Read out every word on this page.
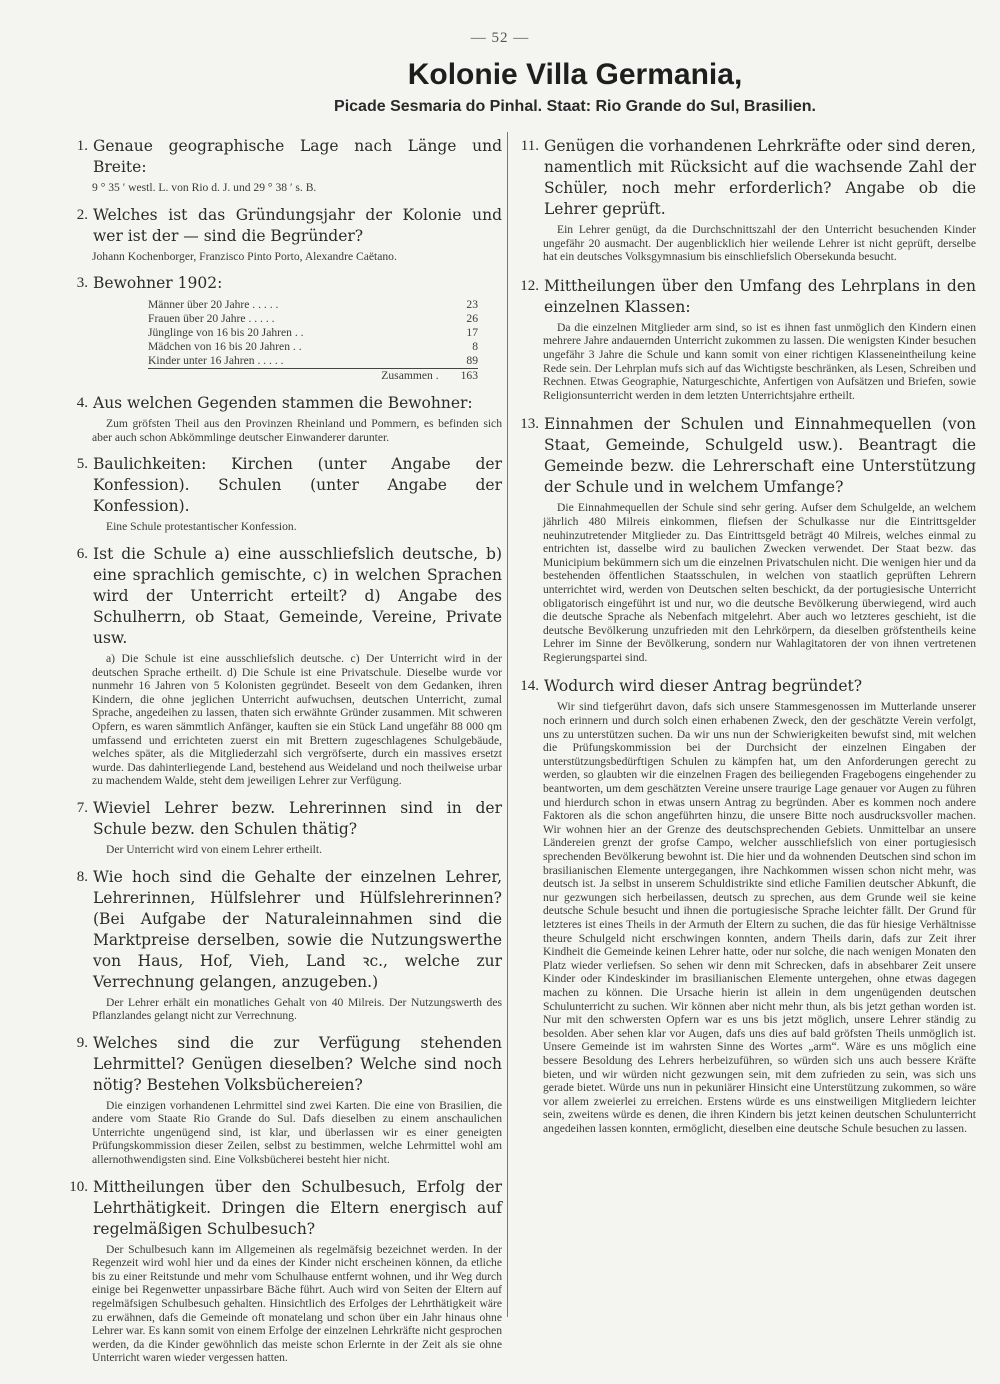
— 52 —
Kolonie Villa Germania,
Picade Sesmaria do Pinhal. Staat: Rio Grande do Sul, Brasilien.
1. Genaue geographische Lage nach Länge und Breite:
9 ° 35 ′ westl. L. von Rio d. J. und 29 ° 38 ′ s. B.
2. Welches ist das Gründungsjahr der Kolonie und wer ist der — sind die Begründer?
Johann Kochenborger, Franzisco Pinto Porto, Alexandre Caëtano.
3. Bewohner 1902:
Männer über 20 Jahre . . . . .	23
Frauen über 20 Jahre . . . . .	26
Jünglinge von 16 bis 20 Jahren . .	17
Mädchen von 16 bis 20 Jahren . .	8
Kinder unter 16 Jahren . . . . .	89
Zusammen . 163
4. Aus welchen Gegenden stammen die Bewohner:
Zum gröfsten Theil aus den Provinzen Rheinland und Pommern, es befinden sich aber auch schon Abkömmlinge deutscher Einwanderer darunter.
5. Baulichkeiten: Kirchen (unter Angabe der Konfession). Schulen (unter Angabe der Konfession).
Eine Schule protestantischer Konfession.
6. Ist die Schule a) eine ausschliefslich deutsche, b) eine sprachlich gemischte, c) in welchen Sprachen wird der Unterricht erteilt? d) Angabe des Schulherrn, ob Staat, Gemeinde, Vereine, Private usw.
a) Die Schule ist eine ausschliefslich deutsche. c) Der Unterricht wird in der deutschen Sprache ertheilt. d) Die Schule ist eine Privatschule. Dieselbe wurde vor nunmehr 16 Jahren von 5 Kolonisten gegründet. Beseelt von dem Gedanken, ihren Kindern, die ohne jeglichen Unterricht aufwuchsen, deutschen Unterricht, zumal Sprache, angedeihen zu lassen, thaten sich erwähnte Gründer zusammen. Mit schweren Opfern, es waren sämmtlich Anfänger, kauften sie ein Stück Land ungefähr 88 000 qm umfassend und errichteten zuerst ein mit Brettern zugeschlagenes Schulgebäude, welches später, als die Mitgliederzahl sich vergröfserte, durch ein massives ersetzt wurde. Das dahinterliegende Land, bestehend aus Weideland und noch theilweise urbar zu machendem Walde, steht dem jeweiligen Lehrer zur Verfügung.
7. Wieviel Lehrer bezw. Lehrerinnen sind in der Schule bezw. den Schulen thätig?
Der Unterricht wird von einem Lehrer ertheilt.
8. Wie hoch sind die Gehalte der einzelnen Lehrer, Lehrerinnen, Hülfslehrer und Hülfslehrerinnen? (Bei Aufgabe der Naturaleinnahmen sind die Marktpreise derselben, sowie die Nutzungswerthe von Haus, Hof, Vieh, Land ꝛc., welche zur Verrechnung gelangen, anzugeben.)
Der Lehrer erhält ein monatliches Gehalt von 40 Milreis. Der Nutzungswerth des Pflanzlandes gelangt nicht zur Verrechnung.
9. Welches sind die zur Verfügung stehenden Lehrmittel? Genügen dieselben? Welche sind noch nötig? Bestehen Volksbüchereien?
Die einzigen vorhandenen Lehrmittel sind zwei Karten. Die eine von Brasilien, die andere vom Staate Rio Grande do Sul. Dafs dieselben zu einem anschaulichen Unterrichte ungenügend sind, ist klar, und überlassen wir es einer geneigten Prüfungskommission dieser Zeilen, selbst zu bestimmen, welche Lehrmittel wohl am allernothwendigsten sind. Eine Volksbücherei besteht hier nicht.
10. Mittheilungen über den Schulbesuch, Erfolg der Lehrthätigkeit. Dringen die Eltern energisch auf regelmäßigen Schulbesuch?
Der Schulbesuch kann im Allgemeinen als regelmäfsig bezeichnet werden. In der Regenzeit wird wohl hier und da eines der Kinder nicht erscheinen können, da etliche bis zu einer Reitstunde und mehr vom Schulhause entfernt wohnen, und ihr Weg durch einige bei Regenwetter unpassirbare Bäche führt. Auch wird von Seiten der Eltern auf regelmäfsigen Schulbesuch gehalten. Hinsichtlich des Erfolges der Lehrthätigkeit wäre zu erwähnen, dafs die Gemeinde oft monatelang und schon über ein Jahr hinaus ohne Lehrer war. Es kann somit von einem Erfolge der einzelnen Lehrkräfte nicht gesprochen werden, da die Kinder gewöhnlich das meiste schon Erlernte in der Zeit als sie ohne Unterricht waren wieder vergessen hatten.
11. Genügen die vorhandenen Lehrkräfte oder sind deren, namentlich mit Rücksicht auf die wachsende Zahl der Schüler, noch mehr erforderlich? Angabe ob die Lehrer geprüft.
Ein Lehrer genügt, da die Durchschnittszahl der den Unterricht besuchenden Kinder ungefähr 20 ausmacht. Der augenblicklich hier weilende Lehrer ist nicht geprüft, derselbe hat ein deutsches Volksgymnasium bis einschliefslich Obersekunda besucht.
12. Mittheilungen über den Umfang des Lehrplans in den einzelnen Klassen:
Da die einzelnen Mitglieder arm sind, so ist es ihnen fast unmöglich den Kindern einen mehrere Jahre andauernden Unterricht zukommen zu lassen. Die wenigsten Kinder besuchen ungefähr 3 Jahre die Schule und kann somit von einer richtigen Klasseneintheilung keine Rede sein. Der Lehrplan mufs sich auf das Wichtigste beschränken, als Lesen, Schreiben und Rechnen. Etwas Geographie, Naturgeschichte, Anfertigen von Aufsätzen und Briefen, sowie Religionsunterricht werden in dem letzten Unterrichtsjahre ertheilt.
13. Einnahmen der Schulen und Einnahmequellen (von Staat, Gemeinde, Schulgeld usw.). Beantragt die Gemeinde bezw. die Lehrerschaft eine Unterstützung der Schule und in welchem Umfange?
Die Einnahmequellen der Schule sind sehr gering. Aufser dem Schulgelde, an welchem jährlich 480 Milreis einkommen, fliefsen der Schulkasse nur die Eintrittsgelder neuhinzutretender Mitglieder zu. Das Eintrittsgeld beträgt 40 Milreis, welches einmal zu entrichten ist, dasselbe wird zu baulichen Zwecken verwendet. Der Staat bezw. das Municipium bekümmern sich um die einzelnen Privatschulen nicht. Die wenigen hier und da bestehenden öffentlichen Staatsschulen, in welchen von staatlich geprüften Lehrern unterrichtet wird, werden von Deutschen selten beschickt, da der portugiesische Unterricht obligatorisch eingeführt ist und nur, wo die deutsche Bevölkerung überwiegend, wird auch die deutsche Sprache als Nebenfach mitgelehrt. Aber auch wo letzteres geschieht, ist die deutsche Bevölkerung unzufrieden mit den Lehrkörpern, da dieselben gröfstentheils keine Lehrer im Sinne der Bevölkerung, sondern nur Wahlagitatoren der von ihnen vertretenen Regierungspartei sind.
14. Wodurch wird dieser Antrag begründet?
Wir sind tiefgerührt davon, dafs sich unsere Stammesgenossen im Mutterlande unserer noch erinnern und durch solch einen erhabenen Zweck, den der geschätzte Verein verfolgt, uns zu unterstützen suchen. Da wir uns nun der Schwierigkeiten bewufst sind, mit welchen die Prüfungskommission bei der Durchsicht der einzelnen Eingaben der unterstützungsbedürftigen Schulen zu kämpfen hat, um den Anforderungen gerecht zu werden, so glaubten wir die einzelnen Fragen des beiliegenden Fragebogens eingehender zu beantworten, um dem geschätzten Vereine unsere traurige Lage genauer vor Augen zu führen und hierdurch schon in etwas unsern Antrag zu begründen. Aber es kommen noch andere Faktoren als die schon angeführten hinzu, die unsere Bitte noch ausdrucksvoller machen. Wir wohnen hier an der Grenze des deutschsprechenden Gebiets. Unmittelbar an unsere Ländereien grenzt der grofse Campo, welcher ausschliefslich von einer portugiesisch sprechenden Bevölkerung bewohnt ist. Die hier und da wohnenden Deutschen sind schon im brasilianischen Elemente untergegangen, ihre Nachkommen wissen schon nicht mehr, was deutsch ist. Ja selbst in unserem Schuldistrikte sind etliche Familien deutscher Abkunft, die nur gezwungen sich herbeilassen, deutsch zu sprechen, aus dem Grunde weil sie keine deutsche Schule besucht und ihnen die portugiesische Sprache leichter fällt. Der Grund für letzteres ist eines Theils in der Armuth der Eltern zu suchen, die das für hiesige Verhältnisse theure Schulgeld nicht erschwingen konnten, andern Theils darin, dafs zur Zeit ihrer Kindheit die Gemeinde keinen Lehrer hatte, oder nur solche, die nach wenigen Monaten den Platz wieder verliefsen. So sehen wir denn mit Schrecken, dafs in absehbarer Zeit unsere Kinder oder Kindeskinder im brasilianischen Elemente untergehen, ohne etwas dagegen machen zu können. Die Ursache hierin ist allein in dem ungenügenden deutschen Schulunterricht zu suchen. Wir können aber nicht mehr thun, als bis jetzt gethan worden ist. Nur mit den schwersten Opfern war es uns bis jetzt möglich, unsere Lehrer ständig zu besolden. Aber sehen klar vor Augen, dafs uns dies auf bald gröfsten Theils unmöglich ist. Unsere Gemeinde ist im wahrsten Sinne des Wortes „arm“. Wäre es uns möglich eine bessere Besoldung des Lehrers herbeizuführen, so würden sich uns auch bessere Kräfte bieten, und wir würden nicht gezwungen sein, mit dem zufrieden zu sein, was sich uns gerade bietet. Würde uns nun in pekuniärer Hinsicht eine Unterstützung zukommen, so wäre vor allem zweierlei zu erreichen. Erstens würde es uns einstweiligen Mitgliedern leichter sein, zweitens würde es denen, die ihren Kindern bis jetzt keinen deutschen Schulunterricht angedeihen lassen konnten, ermöglicht, dieselben eine deutsche Schule besuchen zu lassen.
